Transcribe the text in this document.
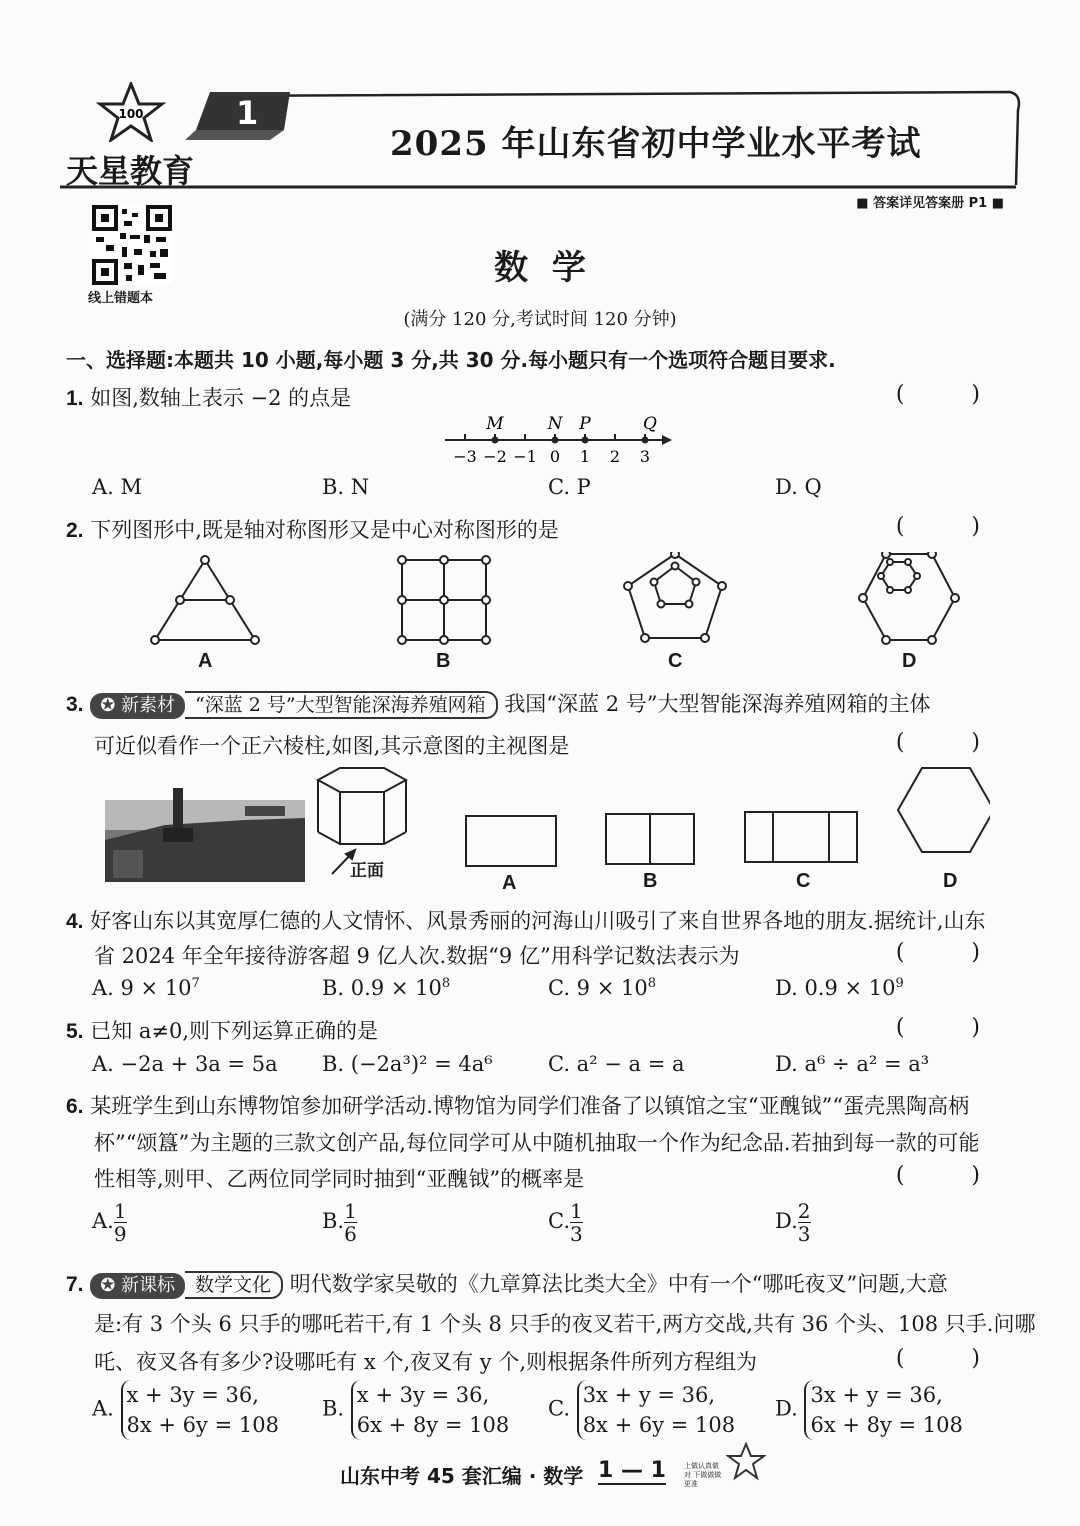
100
天星教育
1
2025 年山东省初中学业水平考试
■ 答案详见答案册 P1 ■
线上错题本
数  学
(满分 120 分,考试时间 120 分钟)
一、选择题:本题共 10 小题,每小题 3 分,共 30 分.每小题只有一个选项符合题目要求.
1. 如图,数轴上表示 −2 的点是	( )
M	N P	Q
−3 −2 −1 0 1 2 3
A. M	B. N	C. P	D. Q
2. 下列图形中,既是轴对称图形又是中心对称图形的是	( )
A	B	C	D
3. ✪ 新素材 “深蓝 2 号”大型智能深海养殖网箱 我国“深蓝 2 号”大型智能深海养殖网箱的主体
可近似看作一个正六棱柱,如图,其示意图的主视图是	( )
正面
A	B	C	D
4. 好客山东以其宽厚仁德的人文情怀、风景秀丽的河海山川吸引了来自世界各地的朋友.据统计,山东
省 2024 年全年接待游客超 9 亿人次.数据“9 亿”用科学记数法表示为	( )
A. $9 \times 10^7$	B. $0.9 \times 10^8$	C. $9 \times 10^8$	D. $0.9 \times 10^9$
5. 已知 a≠0,则下列运算正确的是	( )
A. −2a + 3a = 5a B. (−2a³)² = 4a⁶	C. a² − a = a	D. a⁶ ÷ a² = a³
6. 某班学生到山东博物馆参加研学活动.博物馆为同学们准备了以镇馆之宝“亚醜钺”“蛋壳黑陶高柄
杯”“颂簋”为主题的三款文创产品,每位同学可从中随机抽取一个作为纪念品.若抽到每一款的可能
性相等,则甲、乙两位同学同时抽到“亚醜钺”的概率是	( )
A. $\frac{1}{9}$	B. $\frac{1}{6}$	C. $\frac{1}{3}$	D. $\frac{2}{3}$
7. ✪ 新课标 数学文化 明代数学家吴敬的《九章算法比类大全》中有一个“哪吒夜叉”问题,大意
是:有 3 个头 6 只手的哪吒若干,有 1 个头 8 只手的夜叉若干,两方交战,共有 36 个头、108 只手.问哪
吒、夜叉各有多少?设哪吒有 x 个,夜叉有 y 个,则根据条件所列方程组为	( )
A. x + 3y = 36,
8x + 6y = 108
B. x + 3y = 36,
6x + 8y = 108
C. 3x + y = 36,
8x + 6y = 108
D. 3x + y = 36,
6x + 8y = 108
山东中考 45 套汇编 · 数学 1 — 1	上做认真做对 下做做做更准
